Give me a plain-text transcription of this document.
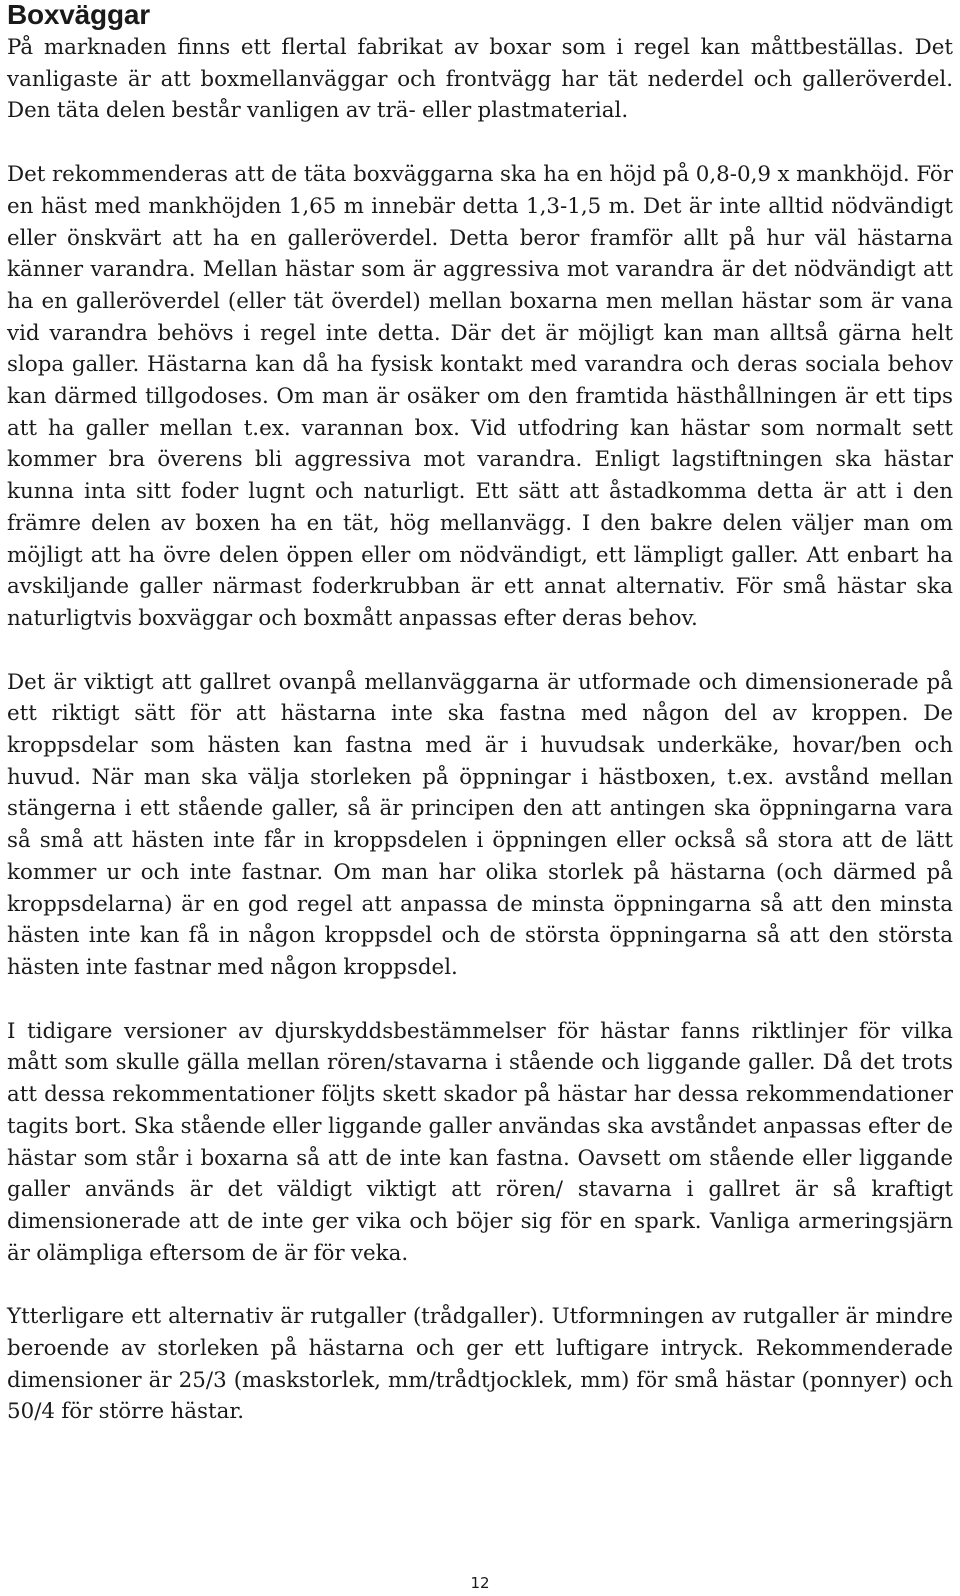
Boxväggar

På marknaden finns ett flertal fabrikat av boxar som i regel kan måttbeställas. Det vanligaste är att boxmellanväggar och frontvägg har tät nederdel och galleröverdel. Den täta delen består vanligen av trä- eller plastmaterial.

Det rekommenderas att de täta boxväggarna ska ha en höjd på 0,8-0,9 x mankhöjd. För en häst med mankhöjden 1,65 m innebär detta 1,3-1,5 m. Det är inte alltid nödvändigt eller önskvärt att ha en galleröverdel. Detta beror framför allt på hur väl hästarna känner varandra. Mellan hästar som är aggressiva mot varandra är det nödvändigt att ha en galleröverdel (eller tät överdel) mellan boxarna men mellan hästar som är vana vid varandra behövs i regel inte detta. Där det är möjligt kan man alltså gärna helt slopa galler. Hästarna kan då ha fysisk kontakt med varandra och deras sociala behov kan därmed tillgodoses. Om man är osäker om den framtida hästhållningen är ett tips att ha galler mellan t.ex. varannan box. Vid utfodring kan hästar som normalt sett kommer bra överens bli aggressiva mot varandra. Enligt lagstiftningen ska hästar kunna inta sitt foder lugnt och naturligt. Ett sätt att åstadkomma detta är att i den främre delen av boxen ha en tät, hög mellanvägg. I den bakre delen väljer man om möjligt att ha övre delen öppen eller om nödvändigt, ett lämpligt galler. Att enbart ha avskiljande galler närmast foderkrubban är ett annat alternativ. För små hästar ska naturligtvis boxväggar och boxmått anpassas efter deras behov.

Det är viktigt att gallret ovanpå mellanväggarna är utformade och dimensionerade på ett riktigt sätt för att hästarna inte ska fastna med någon del av kroppen. De kroppsdelar som hästen kan fastna med är i huvudsak underkäke, hovar/ben och huvud. När man ska välja storleken på öppningar i hästboxen, t.ex. avstånd mellan stängerna i ett stående galler, så är principen den att antingen ska öppningarna vara så små att hästen inte får in kroppsdelen i öppningen eller också så stora att de lätt kommer ur och inte fastnar. Om man har olika storlek på hästarna (och därmed på kroppsdelarna) är en god regel att anpassa de minsta öppningarna så att den minsta hästen inte kan få in någon kroppsdel och de största öppningarna så att den största hästen inte fastnar med någon kroppsdel.

I tidigare versioner av djurskyddsbestämmelser för hästar fanns riktlinjer för vilka mått som skulle gälla mellan rören/stavarna i stående och liggande galler. Då det trots att dessa rekommentationer följts skett skador på hästar har dessa rekommendationer tagits bort. Ska stående eller liggande galler användas ska avståndet anpassas efter de hästar som står i boxarna så att de inte kan fastna. Oavsett om stående eller liggande galler används är det väldigt viktigt att rören/ stavarna i gallret är så kraftigt dimensionerade att de inte ger vika och böjer sig för en spark. Vanliga armeringsjärn är olämpliga eftersom de är för veka.

Ytterligare ett alternativ är rutgaller (trådgaller). Utformningen av rutgaller är mindre beroende av storleken på hästarna och ger ett luftigare intryck. Rekommenderade dimensioner är 25/3 (maskstorlek, mm/trådtjocklek, mm) för små hästar (ponnyer) och 50/4 för större hästar.

12
